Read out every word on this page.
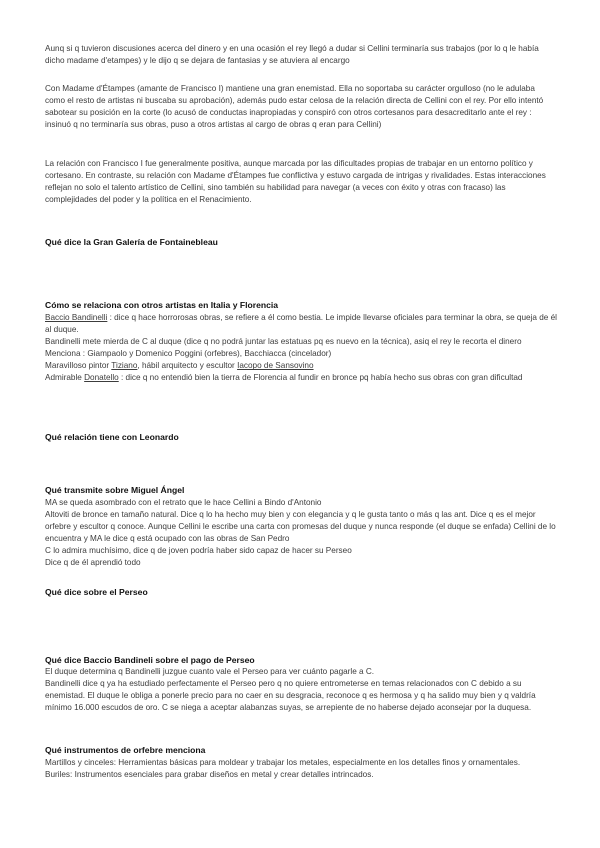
Aunq si q tuvieron discusiones acerca del dinero y en una ocasión el rey llegó a dudar si Cellini terminaría sus trabajos (por lo q le había dicho madame d'etampes) y le dijo q se dejara de fantasias y se atuviera al encargo

Con Madame d'Étampes (amante de Francisco I) mantiene una gran enemistad. Ella no soportaba su carácter orgulloso (no le adulaba como el resto de artistas ni buscaba su aprobación), además pudo estar celosa de la relación directa de Cellini con el rey. Por ello intentó sabotear su posición en la corte (lo acusó de conductas inapropiadas y conspiró con otros cortesanos para desacreditarlo ante el rey : insinuó q no terminaría sus obras, puso a otros artistas al cargo de obras q eran para Cellini)

La relación con Francisco I fue generalmente positiva, aunque marcada por las dificultades propias de trabajar en un entorno político y cortesano. En contraste, su relación con Madame d'Étampes fue conflictiva y estuvo cargada de intrigas y rivalidades. Estas interacciones reflejan no solo el talento artístico de Cellini, sino también su habilidad para navegar (a veces con éxito y otras con fracaso) las complejidades del poder y la política en el Renacimiento.

Qué dice la Gran Galería de Fontainebleau
Cómo se relaciona con otros artistas en Italia y Florencia
Baccio Bandinelli : dice q hace horrorosas obras, se refiere a él como bestia. Le impide llevarse oficiales para terminar la obra, se queja de él al duque.
Bandinelli mete mierda de C al duque (dice q no podrá juntar las estatuas pq es nuevo en la técnica), asiq el rey le recorta el dinero
Menciona : Giampaolo y Domenico Poggini (orfebres), Bacchiacca (cincelador)
Maravilloso pintor Tiziano, hábil arquitecto y escultor Iacopo de Sansovino
Admirable Donatello : dice q no entendió bien la tierra de Florencia al fundir en bronce pq había hecho sus obras con gran dificultad
Qué relación tiene con Leonardo
Qué transmite sobre Miguel Ángel
MA se queda asombrado con el retrato que le hace Cellini a Bindo d'Antonio
Altoviti de bronce en tamaño natural. Dice q lo ha hecho muy bien y con elegancia y q le gusta tanto o más q las ant. Dice q es el mejor orfebre y escultor q conoce. Aunque Cellini le escribe una carta con promesas del duque y nunca responde (el duque se enfada) Cellini de lo encuentra y MA le dice q está ocupado con las obras de San Pedro
C lo admira muchísimo, dice q de joven podría haber sido capaz de hacer su Perseo
Dice q de él aprendió todo
Qué dice sobre el Perseo
Qué dice Baccio Bandineli sobre el pago de Perseo
El duque determina q Bandinelli juzgue cuanto vale el Perseo para ver cuánto pagarle a C.
Bandinelli dice q ya ha estudiado perfectamente el Perseo pero q no quiere entrometerse en temas relacionados con C debido a su enemistad. El duque le obliga a ponerle precio para no caer en su desgracia, reconoce q es hermosa y q ha salido muy bien y q valdría mínimo 16.000 escudos de oro. C se niega a aceptar alabanzas suyas, se arrepiente de no haberse dejado aconsejar por la duquesa.
Qué instrumentos de orfebre menciona
Martillos y cinceles: Herramientas básicas para moldear y trabajar los metales, especialmente en los detalles finos y ornamentales.
Buriles: Instrumentos esenciales para grabar diseños en metal y crear detalles intrincados.
